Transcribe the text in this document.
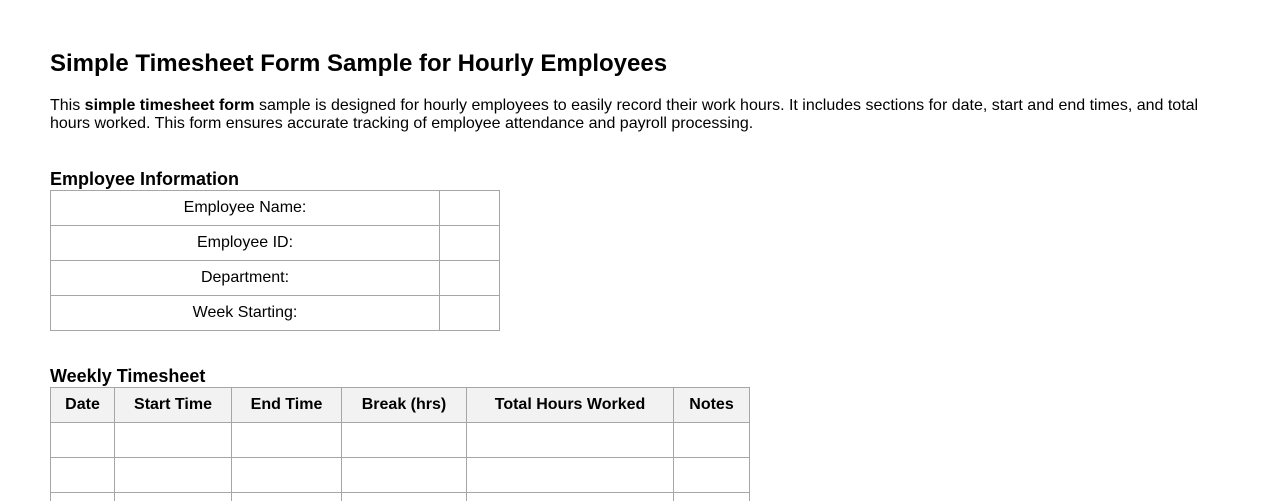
Simple Timesheet Form Sample for Hourly Employees

This simple timesheet form sample is designed for hourly employees to easily record their work hours. It includes sections for date, start and end times, and total hours worked. This form ensures accurate tracking of employee attendance and payroll processing.

Employee Information
Employee Name:	
Employee ID:	
Department:	
Week Starting:	
Weekly Timesheet
Date	Start Time	End Time	Break (hrs)	Total Hours Worked	Notes
